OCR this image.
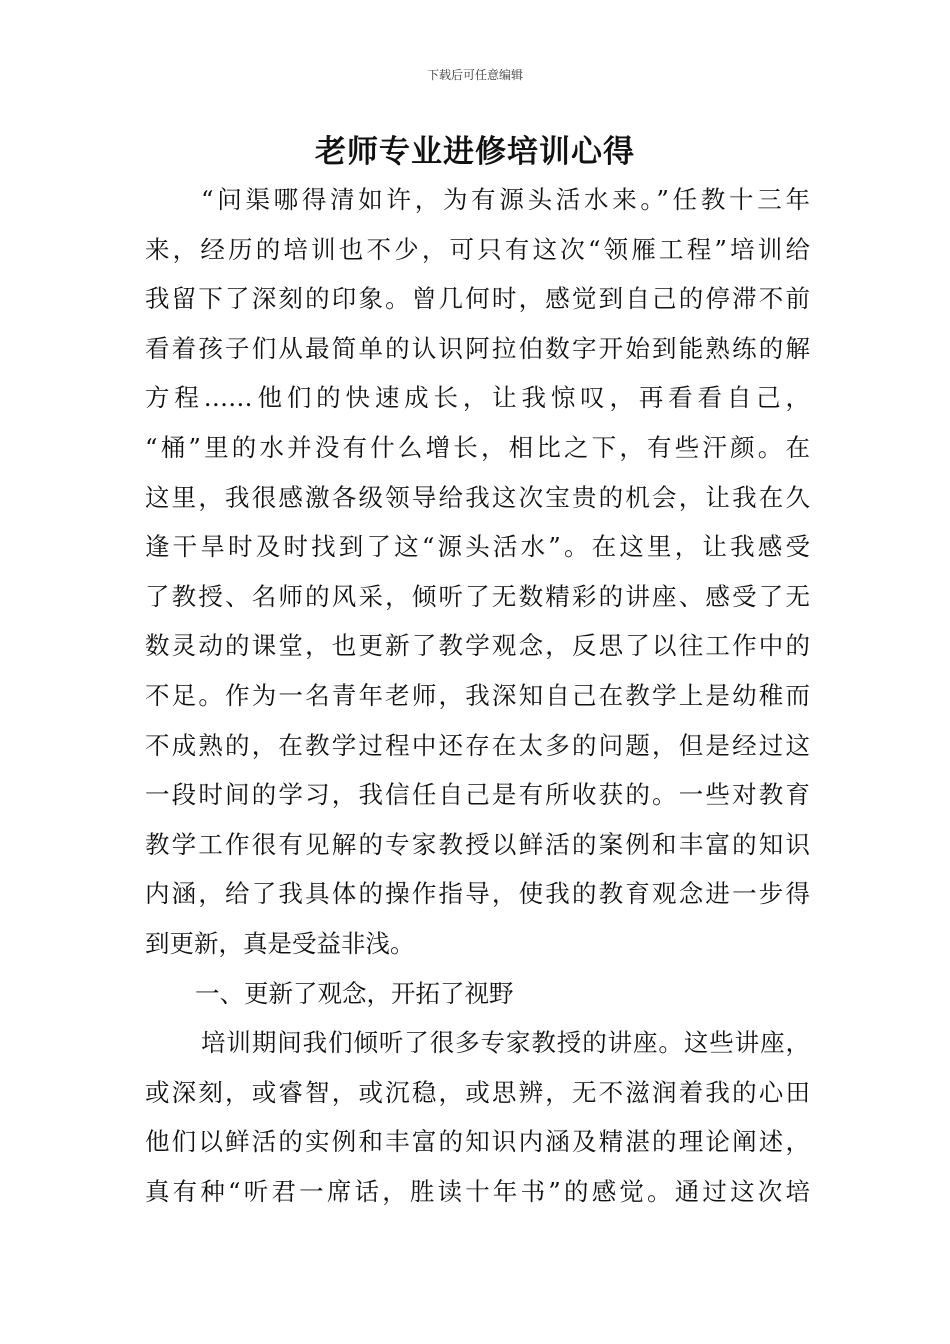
下载后可任意编辑
老师专业进修培训心得
“问渠哪得清如许，为有源头活水来。”任教十三年
来，经历的培训也不少，可只有这次“领雁工程”培训给
我留下了深刻的印象。曾几何时，感觉到自己的停滞不前
看着孩子们从最简单的认识阿拉伯数字开始到能熟练的解
方程……他们的快速成长，让我惊叹，再看看自己，
“桶”里的水并没有什么增长，相比之下，有些汗颜。在
这里，我很感激各级领导给我这次宝贵的机会，让我在久
逢干旱时及时找到了这“源头活水”。在这里，让我感受
了教授、名师的风采，倾听了无数精彩的讲座、感受了无
数灵动的课堂，也更新了教学观念，反思了以往工作中的
不足。作为一名青年老师，我深知自己在教学上是幼稚而
不成熟的，在教学过程中还存在太多的问题，但是经过这
一段时间的学习，我信任自己是有所收获的。一些对教育
教学工作很有见解的专家教授以鲜活的案例和丰富的知识
内涵，给了我具体的操作指导，使我的教育观念进一步得
到更新，真是受益非浅。
一、更新了观念，开拓了视野
培训期间我们倾听了很多专家教授的讲座。这些讲座，
或深刻，或睿智，或沉稳，或思辨，无不滋润着我的心田
他们以鲜活的实例和丰富的知识内涵及精湛的理论阐述，
真有种“听君一席话，胜读十年书”的感觉。通过这次培
